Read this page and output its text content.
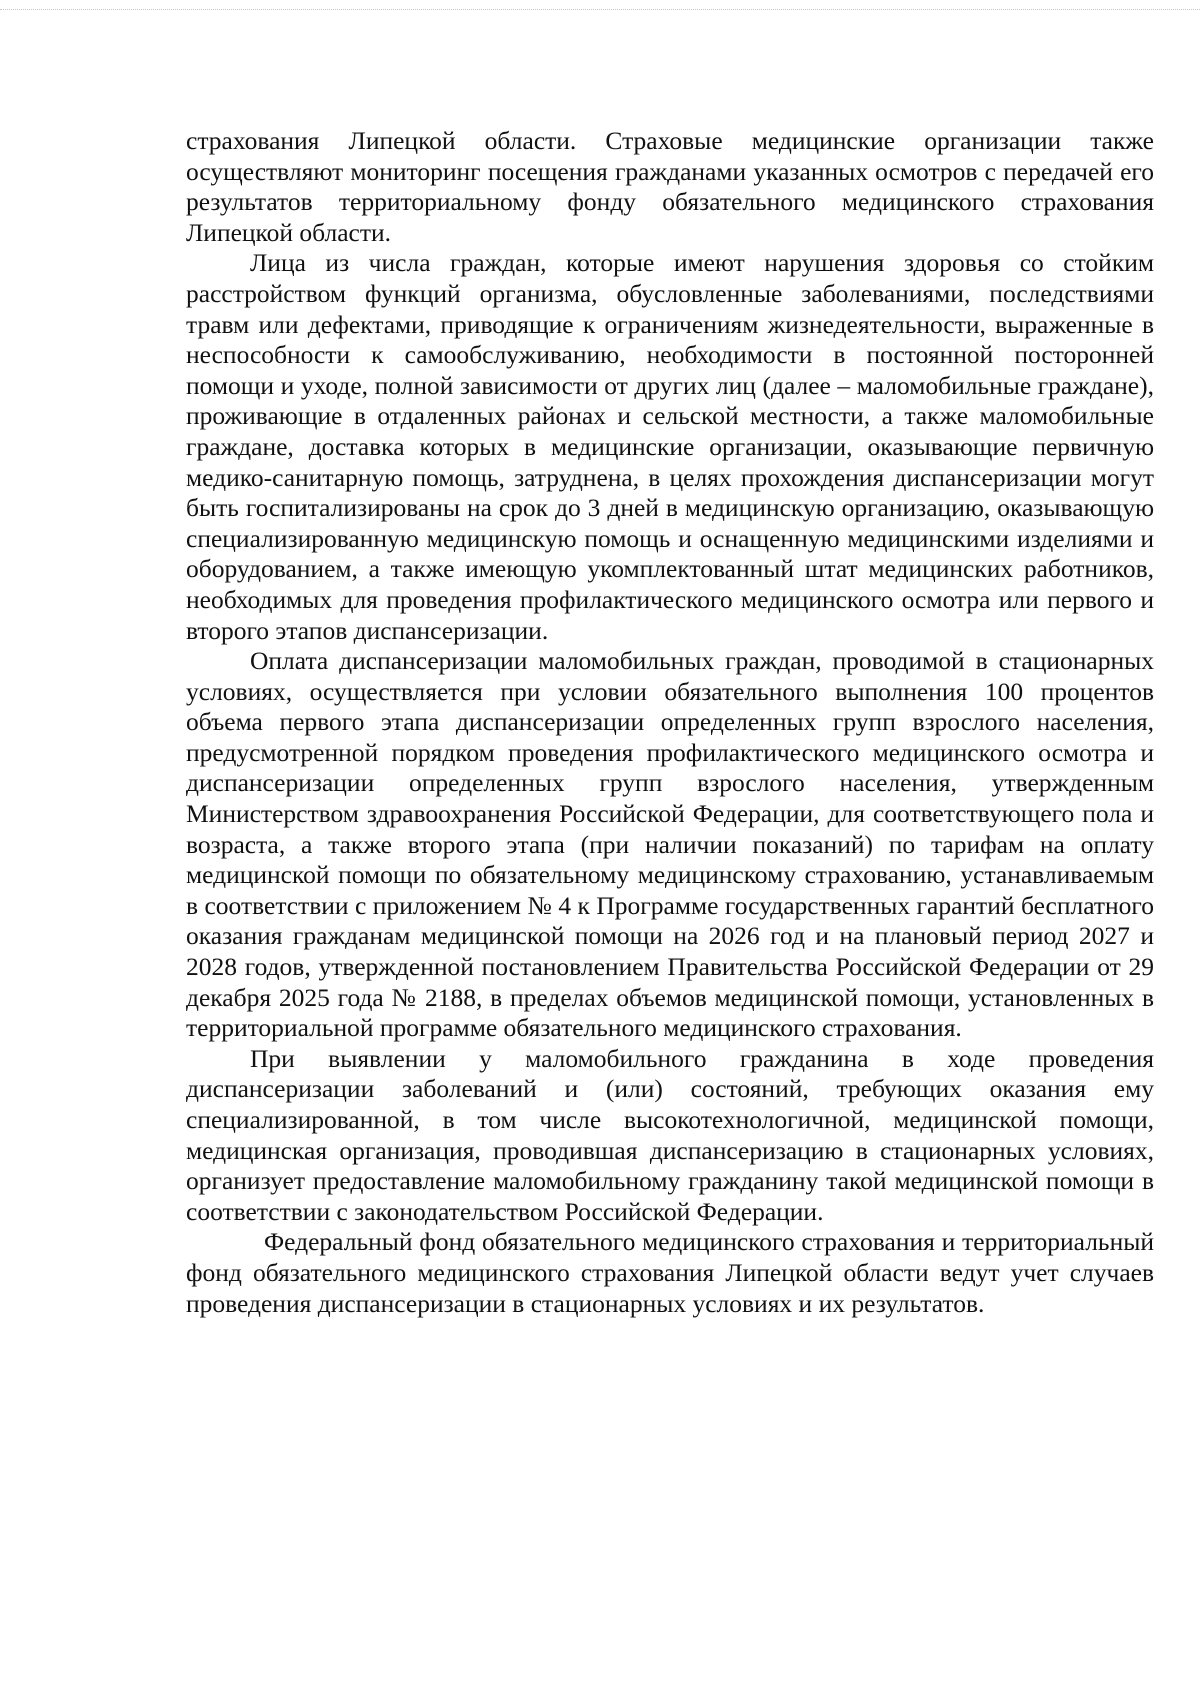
страхования Липецкой области. Страховые медицинские организации также осуществляют мониторинг посещения гражданами указанных осмотров с передачей его результатов территориальному фонду обязательного медицинского страхования Липецкой области.

Лица из числа граждан, которые имеют нарушения здоровья со стойким расстройством функций организма, обусловленные заболеваниями, последствиями травм или дефектами, приводящие к ограничениям жизнедеятельности, выраженные в неспособности к самообслуживанию, необходимости в постоянной посторонней помощи и уходе, полной зависимости от других лиц (далее – маломобильные граждане), проживающие в отдаленных районах и сельской местности, а также маломобильные граждане, доставка которых в медицинские организации, оказывающие первичную медико-санитарную помощь, затруднена, в целях прохождения диспансеризации могут быть госпитализированы на срок до 3 дней в медицинскую организацию, оказывающую специализированную медицинскую помощь и оснащенную медицинскими изделиями и оборудованием, а также имеющую укомплектованный штат медицинских работников, необходимых для проведения профилактического медицинского осмотра или первого и второго этапов диспансеризации.

Оплата диспансеризации маломобильных граждан, проводимой в стационарных условиях, осуществляется при условии обязательного выполнения 100 процентов объема первого этапа диспансеризации определенных групп взрослого населения, предусмотренной порядком проведения профилактического медицинского осмотра и диспансеризации определенных групп взрослого населения, утвержденным Министерством здравоохранения Российской Федерации, для соответствующего пола и возраста, а также второго этапа (при наличии показаний) по тарифам на оплату медицинской помощи по обязательному медицинскому страхованию, устанавливаемым в соответствии с приложением № 4 к Программе государственных гарантий бесплатного оказания гражданам медицинской помощи на 2026 год и на плановый период 2027 и 2028 годов, утвержденной постановлением Правительства Российской Федерации от 29 декабря 2025 года № 2188, в пределах объемов медицинской помощи, установленных в территориальной программе обязательного медицинского страхования.

При выявлении у маломобильного гражданина в ходе проведения диспансеризации заболеваний и (или) состояний, требующих оказания ему специализированной, в том числе высокотехнологичной, медицинской помощи, медицинская организация, проводившая диспансеризацию в стационарных условиях, организует предоставление маломобильному гражданину такой медицинской помощи в соответствии с законодательством Российской Федерации.

Федеральный фонд обязательного медицинского страхования и территориальный фонд обязательного медицинского страхования Липецкой области ведут учет случаев проведения диспансеризации в стационарных условиях и их результатов.
